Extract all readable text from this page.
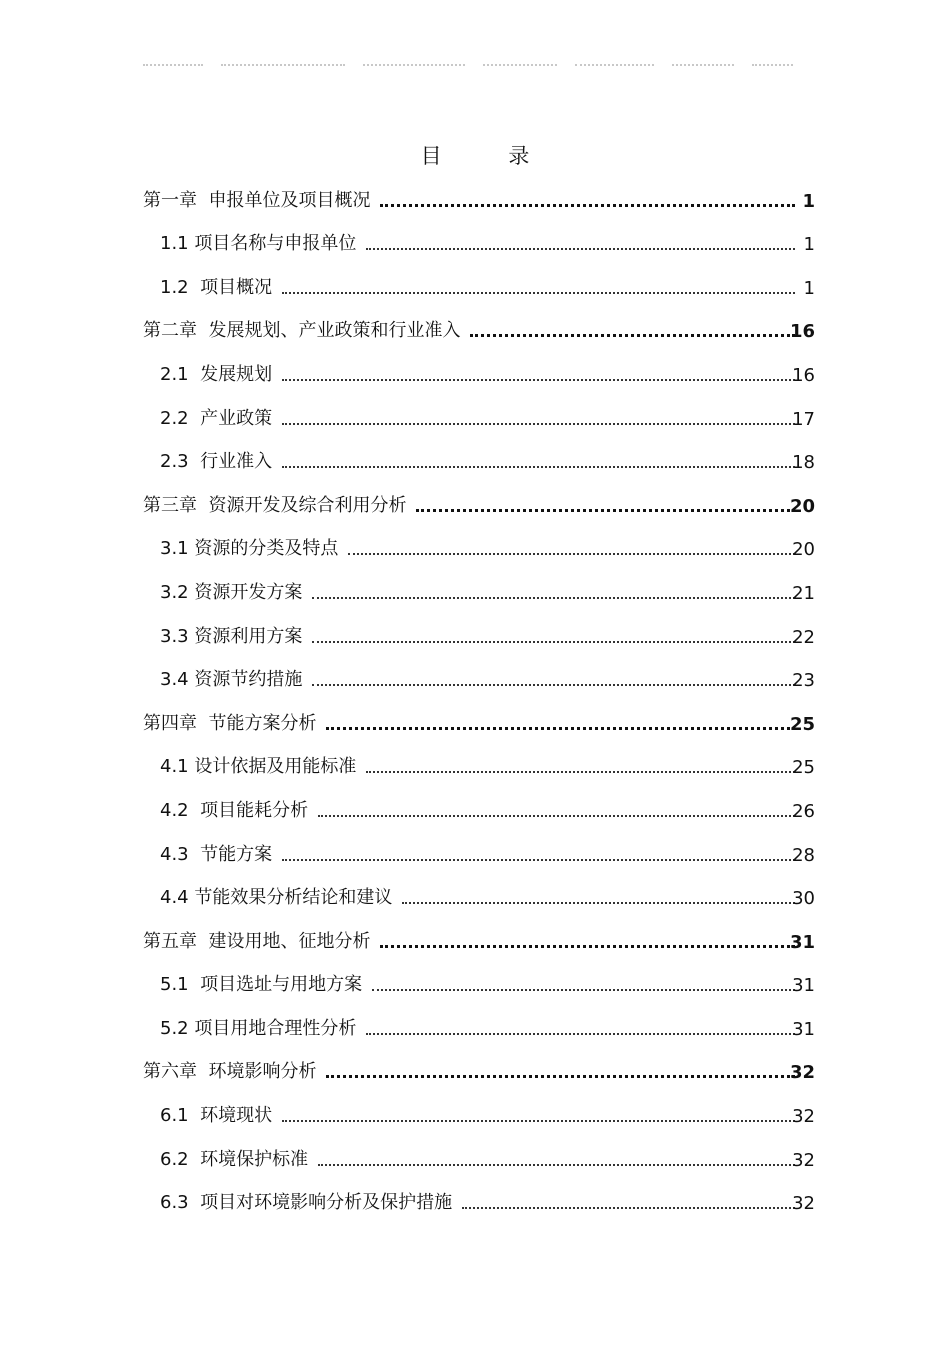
目 录
第一章  申报单位及项目概况	1
1.1 项目名称与申报单位	1
1.2  项目概况	1
第二章  发展规划、产业政策和行业准入	16
2.1  发展规划	16
2.2  产业政策	17
2.3  行业准入	18
第三章  资源开发及综合利用分析	20
3.1 资源的分类及特点	20
3.2 资源开发方案	21
3.3 资源利用方案	22
3.4 资源节约措施	23
第四章  节能方案分析	25
4.1 设计依据及用能标准	25
4.2  项目能耗分析	26
4.3  节能方案	28
4.4 节能效果分析结论和建议	30
第五章  建设用地、征地分析	31
5.1  项目选址与用地方案	31
5.2 项目用地合理性分析	31
第六章  环境影响分析	32
6.1  环境现状	32
6.2  环境保护标准	32
6.3  项目对环境影响分析及保护措施	32
